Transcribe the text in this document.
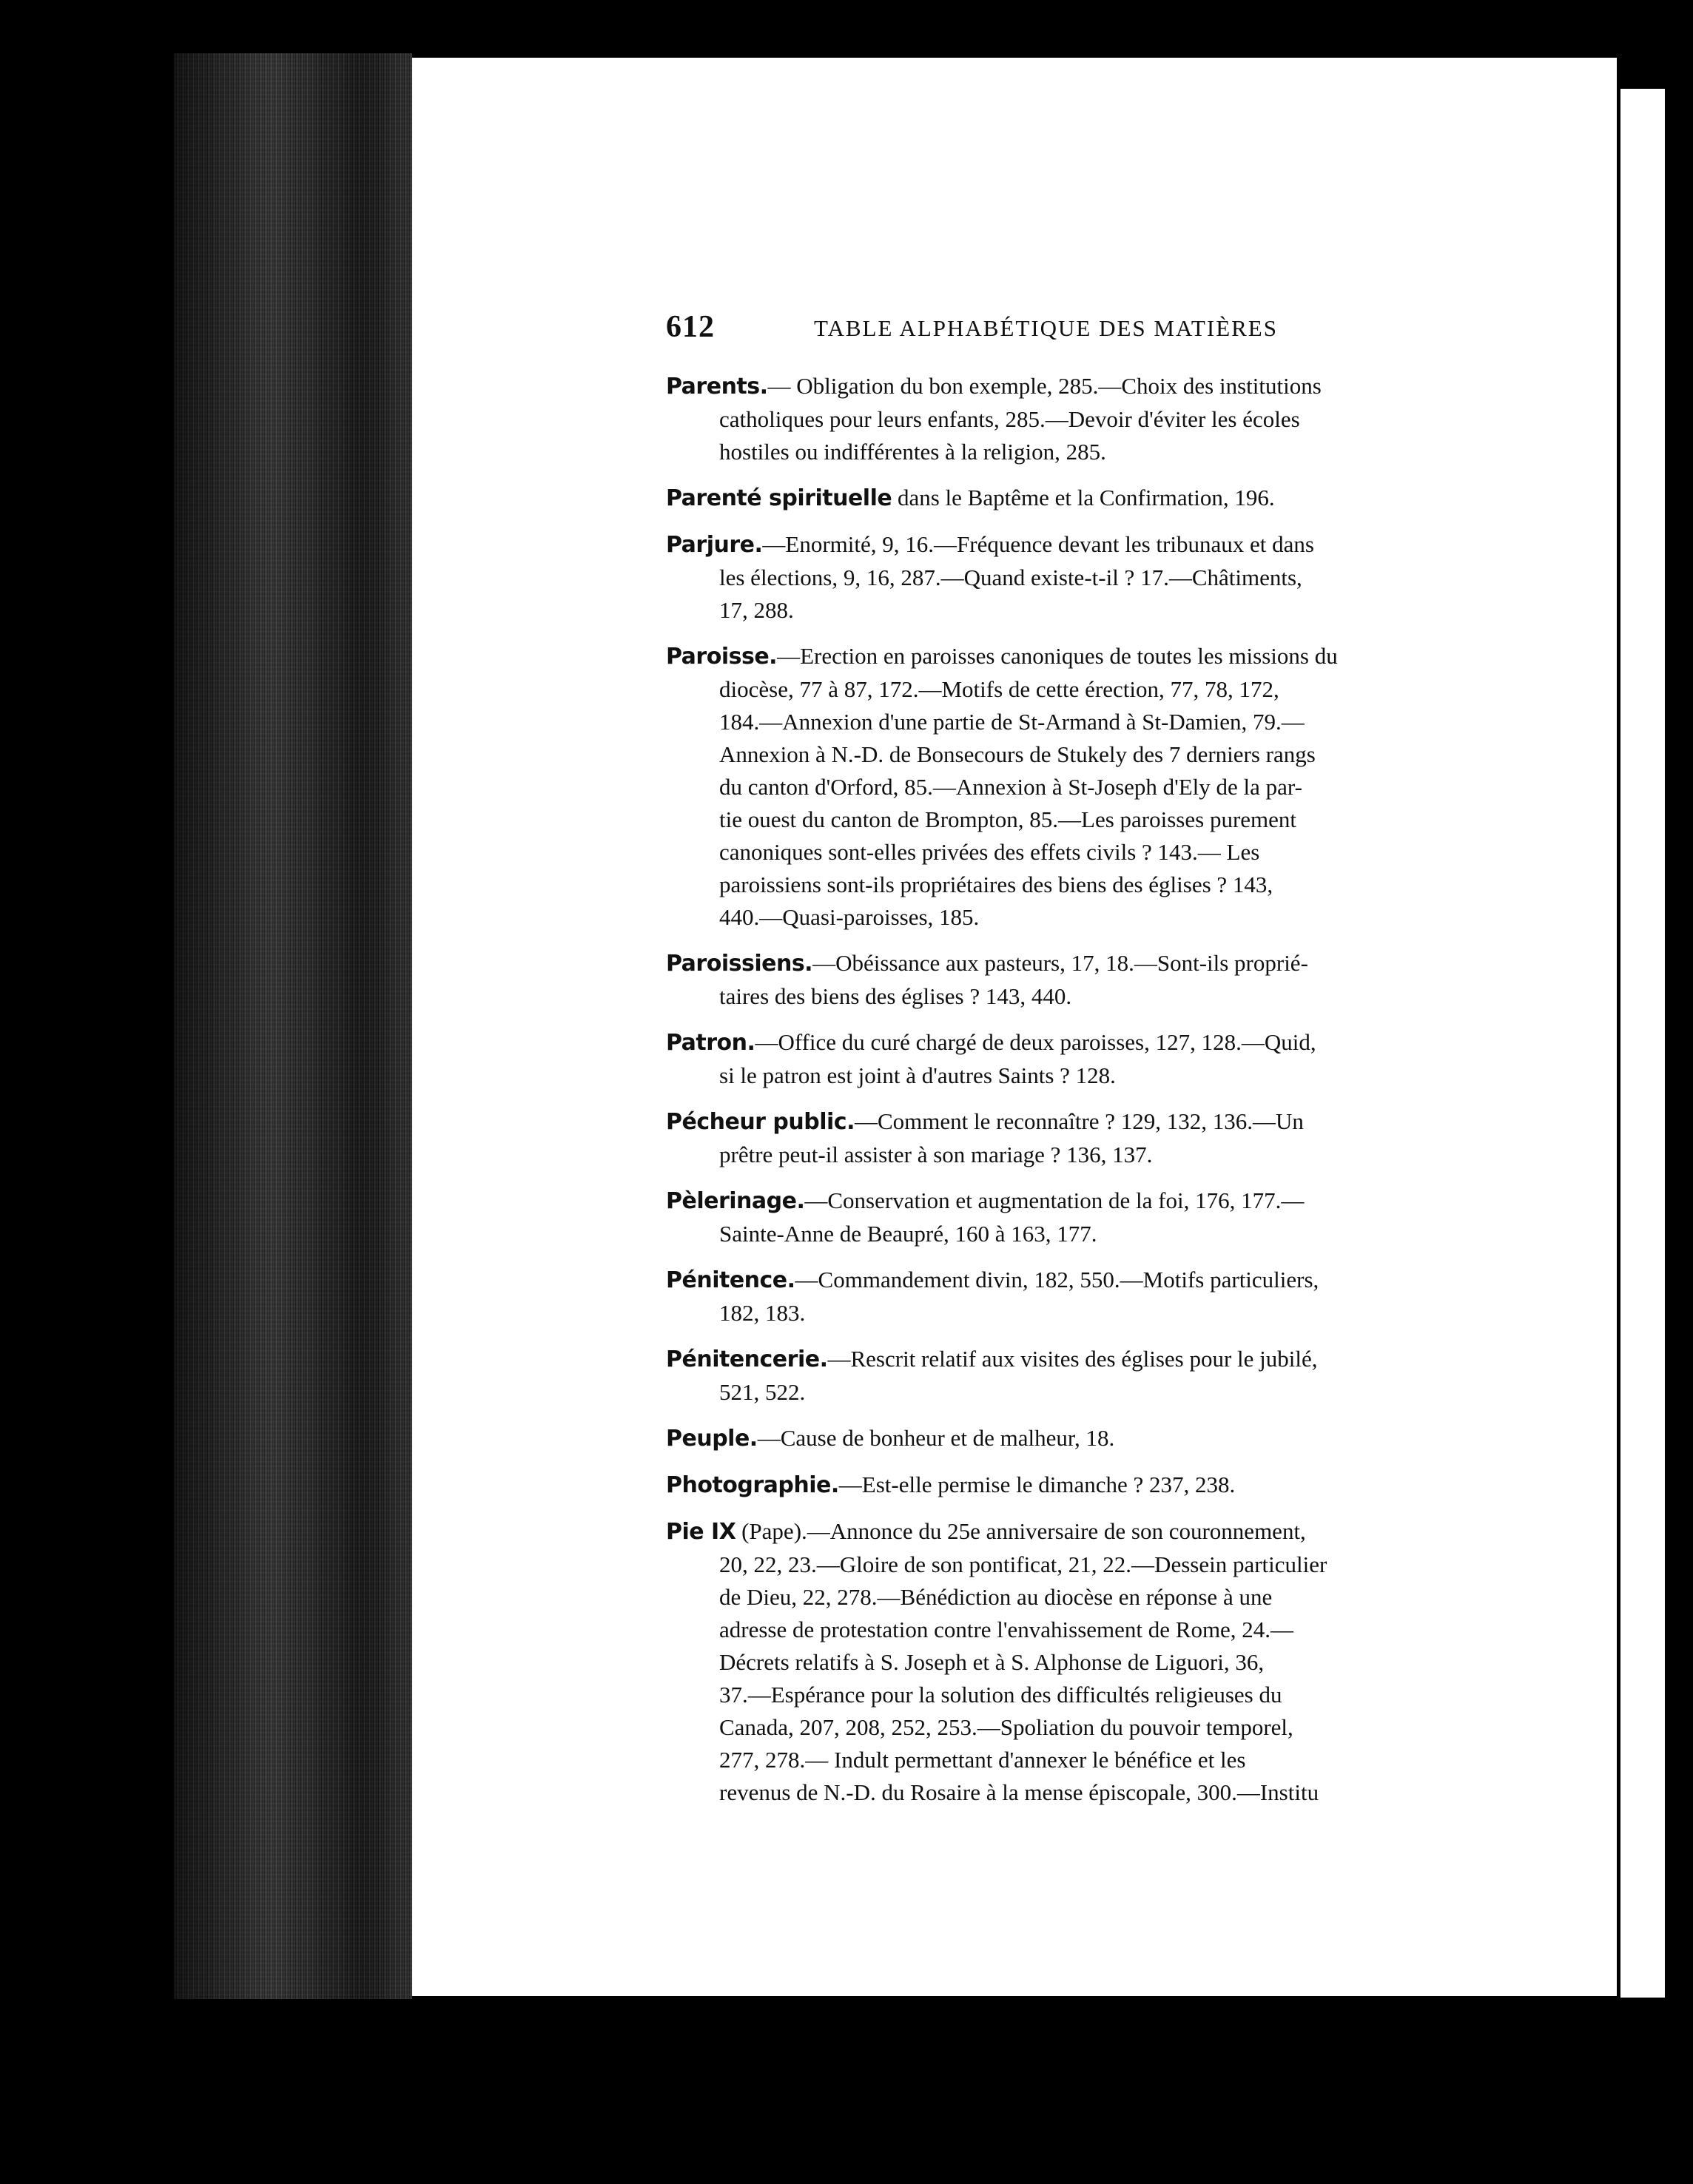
612	TABLE ALPHABÉTIQUE DES MATIÈRES
Parents.— Obligation du bon exemple, 285.—Choix des institutions
catholiques pour leurs enfants, 285.—Devoir d'éviter les écoles
hostiles ou indifférentes à la religion, 285.
Parenté spirituelle dans le Baptême et la Confirmation, 196.
Parjure.—Enormité, 9, 16.—Fréquence devant les tribunaux et dans
les élections, 9, 16, 287.—Quand existe-t-il ? 17.—Châtiments,
17, 288.
Paroisse.—Erection en paroisses canoniques de toutes les missions du
diocèse, 77 à 87, 172.—Motifs de cette érection, 77, 78, 172,
184.—Annexion d'une partie de St-Armand à St-Damien, 79.—
Annexion à N.-D. de Bonsecours de Stukely des 7 derniers rangs
du canton d'Orford, 85.—Annexion à St-Joseph d'Ely de la par-
tie ouest du canton de Brompton, 85.—Les paroisses purement
canoniques sont-elles privées des effets civils ? 143.— Les
paroissiens sont-ils propriétaires des biens des églises ? 143,
440.—Quasi-paroisses, 185.
Paroissiens.—Obéissance aux pasteurs, 17, 18.—Sont-ils proprié-
taires des biens des églises ? 143, 440.
Patron.—Office du curé chargé de deux paroisses, 127, 128.—Quid,
si le patron est joint à d'autres Saints ? 128.
Pécheur public.—Comment le reconnaître ? 129, 132, 136.—Un
prêtre peut-il assister à son mariage ? 136, 137.
Pèlerinage.—Conservation et augmentation de la foi, 176, 177.—
Sainte-Anne de Beaupré, 160 à 163, 177.
Pénitence.—Commandement divin, 182, 550.—Motifs particuliers,
182, 183.
Pénitencerie.—Rescrit relatif aux visites des églises pour le jubilé,
521, 522.
Peuple.—Cause de bonheur et de malheur, 18.
Photographie.—Est-elle permise le dimanche ? 237, 238.
Pie IX (Pape).—Annonce du 25e anniversaire de son couronnement,
20, 22, 23.—Gloire de son pontificat, 21, 22.—Dessein particulier
de Dieu, 22, 278.—Bénédiction au diocèse en réponse à une
adresse de protestation contre l'envahissement de Rome, 24.—
Décrets relatifs à S. Joseph et à S. Alphonse de Liguori, 36,
37.—Espérance pour la solution des difficultés religieuses du
Canada, 207, 208, 252, 253.—Spoliation du pouvoir temporel,
277, 278.— Indult permettant d'annexer le bénéfice et les
revenus de N.-D. du Rosaire à la mense épiscopale, 300.—Institu
